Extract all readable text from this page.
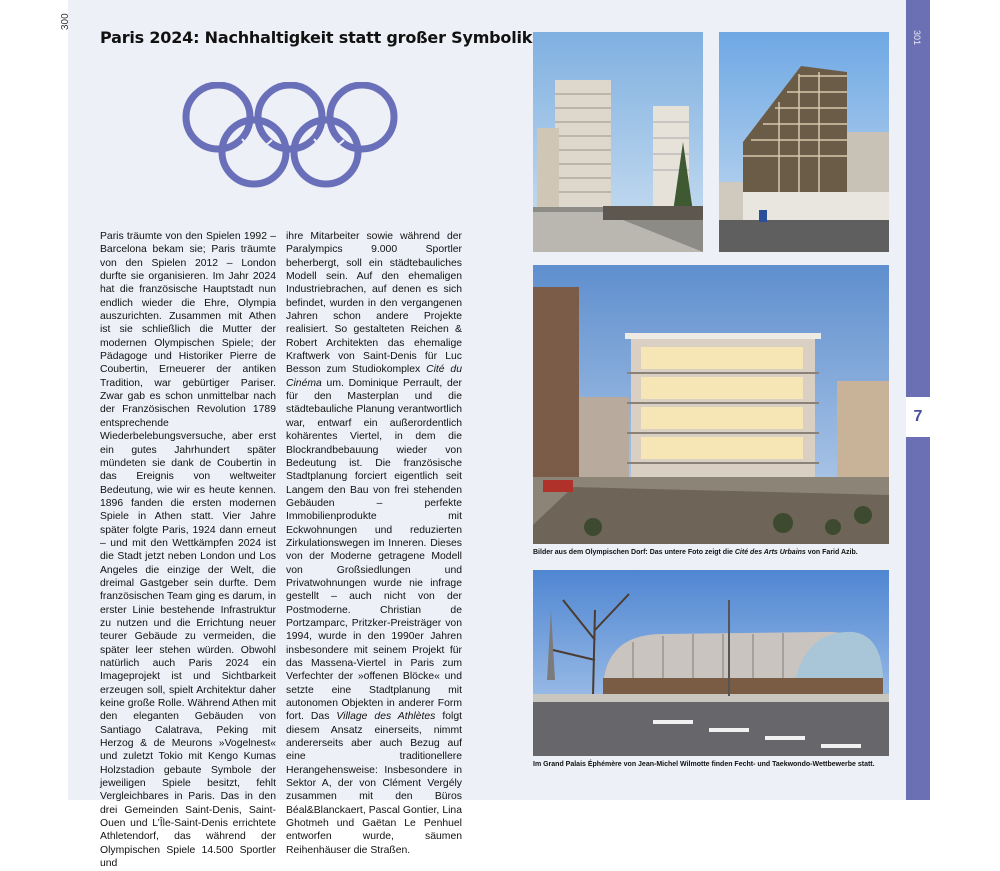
300
301
7
Paris 2024: Nachhaltigkeit statt großer Symbolik
Paris träumte von den Spielen 1992 – Barcelona bekam sie; Paris träumte von den Spielen 2012 – London durfte sie organisieren. Im Jahr 2024 hat die französische Hauptstadt nun endlich wieder die Ehre, Olympia auszurichten. Zusammen mit Athen ist sie schließlich die Mutter der modernen Olympischen Spiele; der Pädagoge und Historiker Pierre de Coubertin, Erneuerer der antiken Tradition, war gebürtiger Pariser. Zwar gab es schon unmittelbar nach der Französischen Revolution 1789 entsprechende Wiederbelebungsversuche, aber erst ein gutes Jahrhundert später mündeten sie dank de Coubertin in das Ereignis von weltweiter Bedeutung, wie wir es heute kennen. 1896 fanden die ersten modernen Spiele in Athen statt. Vier Jahre später folgte Paris, 1924 dann erneut – und mit den Wettkämpfen 2024 ist die Stadt jetzt neben London und Los Angeles die einzige der Welt, die dreimal Gastgeber sein durfte. Dem französischen Team ging es darum, in erster Linie bestehende Infrastruktur zu nutzen und die Errichtung neuer teurer Gebäude zu vermeiden, die später leer stehen würden. Obwohl natürlich auch Paris 2024 ein Imageprojekt ist und Sichtbarkeit erzeugen soll, spielt Architektur daher keine große Rolle. Während Athen mit den eleganten Gebäuden von Santiago Calatrava, Peking mit Herzog & de Meurons »Vogelnest« und zuletzt Tokio mit Kengo Kumas Holzstadion gebaute Symbole der jeweiligen Spiele besitzt, fehlt Vergleichbares in Paris. Das in den drei Gemeinden Saint-Denis, Saint-Ouen und L’Île-Saint-Denis errichtete Athletendorf, das während der Olympischen Spiele 14.500 Sportler und
ihre Mitarbeiter sowie während der Paralympics 9.000 Sportler beherbergt, soll ein städtebauliches Modell sein. Auf den ehemaligen Industriebrachen, auf denen es sich befindet, wurden in den vergangenen Jahren schon andere Projekte realisiert. So gestalteten Reichen & Robert Architekten das ehemalige Kraftwerk von Saint-Denis für Luc Besson zum Studiokomplex Cité du Cinéma um. Dominique Perrault, der für den Masterplan und die städtebauliche Planung verantwortlich war, entwarf ein außerordentlich kohärentes Viertel, in dem die Blockrandbebauung wieder von Bedeutung ist. Die französische Stadtplanung forciert eigentlich seit Langem den Bau von frei stehenden Gebäuden – perfekte Immobilienprodukte mit Eckwohnungen und reduzierten Zirkulationswegen im Inneren. Dieses von der Moderne getragene Modell von Großsiedlungen und Privatwohnungen wurde nie infrage gestellt – auch nicht von der Postmoderne. Christian de Portzamparc, Pritzker-Preisträger von 1994, wurde in den 1990er Jahren insbesondere mit seinem Projekt für das Massena-Viertel in Paris zum Verfechter der »offenen Blöcke« und setzte eine Stadtplanung mit autonomen Objekten in anderer Form fort. Das Village des Athlètes folgt diesem Ansatz einerseits, nimmt andererseits aber auch Bezug auf eine traditionellere Herangehensweise: Insbesondere in Sektor A, der von Clément Vergély zusammen mit den Büros Béal&Blanckaert, Pascal Gontier, Lina Ghotmeh und Gaëtan Le Penhuel entworfen wurde, säumen Reihenhäuser die Straßen.
Bilder aus dem Olympischen Dorf: Das untere Foto zeigt die Cité des Arts Urbains von Farid Azib.
Im Grand Palais Éphémère von Jean-Michel Wilmotte finden Fecht- und Taekwondo-Wettbewerbe statt.
